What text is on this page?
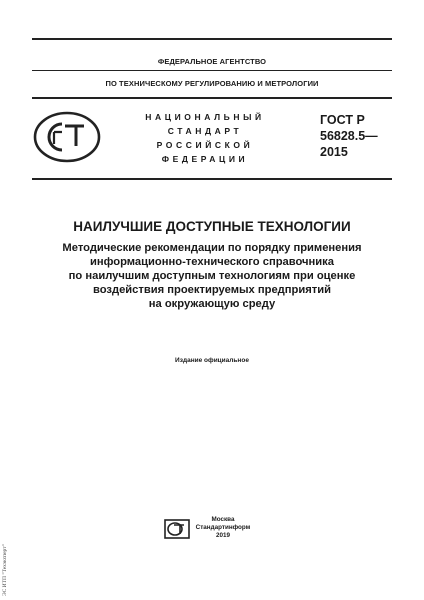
ФЕДЕРАЛЬНОЕ АГЕНТСТВО
ПО ТЕХНИЧЕСКОМУ РЕГУЛИРОВАНИЮ И МЕТРОЛОГИИ
НАЦИОНАЛЬНЫЙ
СТАНДАРТ
РОССИЙСКОЙ
ФЕДЕРАЦИИ
ГОСТ Р
56828.5—
2015
НАИЛУЧШИЕ ДОСТУПНЫЕ ТЕХНОЛОГИИ
Методические рекомендации по порядку применения
информационно-технического справочника
по наилучшим доступным технологиям при оценке
воздействия проектируемых предприятий
на окружающую среду
Издание официальное
Москва
Стандартинформ
2019
ЭС ИТП "Техэксперт"
